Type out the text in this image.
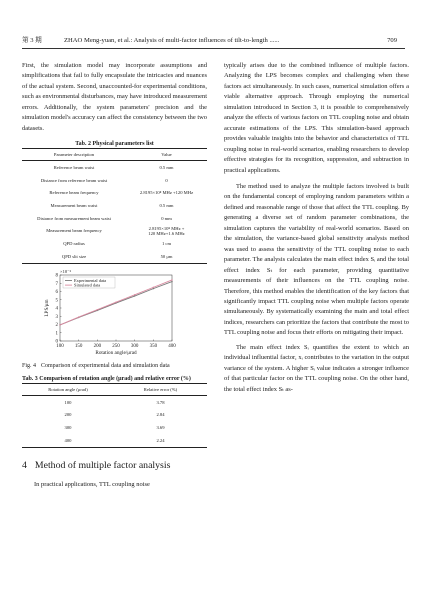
第 3 期	ZHAO Meng-yuan, et al.: Analysis of multi-factor influences of tilt-to-length ......	709

First, the simulation model may incorporate assumptions and simplifications that fail to fully encapsulate the intricacies and nuances of the actual system. Second, unaccounted-for experimental conditions, such as environmental disturbances, may have introduced measurement errors. Additionally, the system parameters' precision and the simulation model's accuracy can affect the consistency between the two datasets.

Tab. 2 Physical parameters list

Parameter description	Value
Reference beam waist	0.5 mm
Distance from reference beam waist	0
Reference beam frequency	2.8195×10⁸ MHz +120 MHz
Measurement beam waist	0.5 mm
Distance from measurement beam waist	0 mm
Measurement beam frequency	2.8195×10⁸ MHz +
120 MHz+1.6 MHz
QPD radius	1 cm
QPD slit size	50 μm
100 150 200 250 300 350 400
0
1
2
3
4
5
6
7
8
×10⁻²
Rotation angle/μrad
LPS/μm
Experimental data
Simulated data

Fig. 4 Comparison of experimental data and simulation data

Tab. 3 Comparison of rotation angle (μrad) and relative error (%)

Rotation angle (μrad)	Relative error (%)
100	3.78
200	2.84
300	3.69
400	2.24
4 Method of multiple factor analysis

In practical applications, TTL coupling noise

typically arises due to the combined influence of multiple factors. Analyzing the LPS becomes complex and challenging when these factors act simultaneously. In such cases, numerical simulation offers a viable alternative approach. Through employing the numerical simulation introduced in Section 3, it is possible to comprehensively analyze the effects of various factors on TTL coupling noise and obtain accurate estimations of the LPS. This simulation-based approach provides valuable insights into the behavior and characteristics of TTL coupling noise in real-world scenarios, enabling researchers to develop effective strategies for its recognition, suppression, and subtraction in practical applications.

The method used to analyze the multiple factors involved is built on the fundamental concept of employing random parameters within a defined and reasonable range of those that affect the TTL coupling. By generating a diverse set of random parameter combinations, the simulation captures the variability of real-world scenarios. Based on the simulation, the variance-based global sensitivity analysis method was used to assess the sensitivity of the TTL coupling noise to each parameter. The analysis calculates the main effect index Sᵢ and the total effect index Sₜ for each parameter, providing quantitative measurements of their influences on the TTL coupling noise. Therefore, this method enables the identification of the key factors that significantly impact TTL coupling noise when multiple factors operate simultaneously. By systematically examining the main and total effect indices, researchers can prioritize the factors that contribute the most to TTL coupling noise and focus their efforts on mitigating their impact.

The main effect index Sᵢ quantifies the extent to which an individual influential factor, xᵢ contributes to the variation in the output variance of the system. A higher Sᵢ value indicates a stronger influence of that particular factor on the TTL coupling noise. On the other hand, the total effect index Sₜ as-
